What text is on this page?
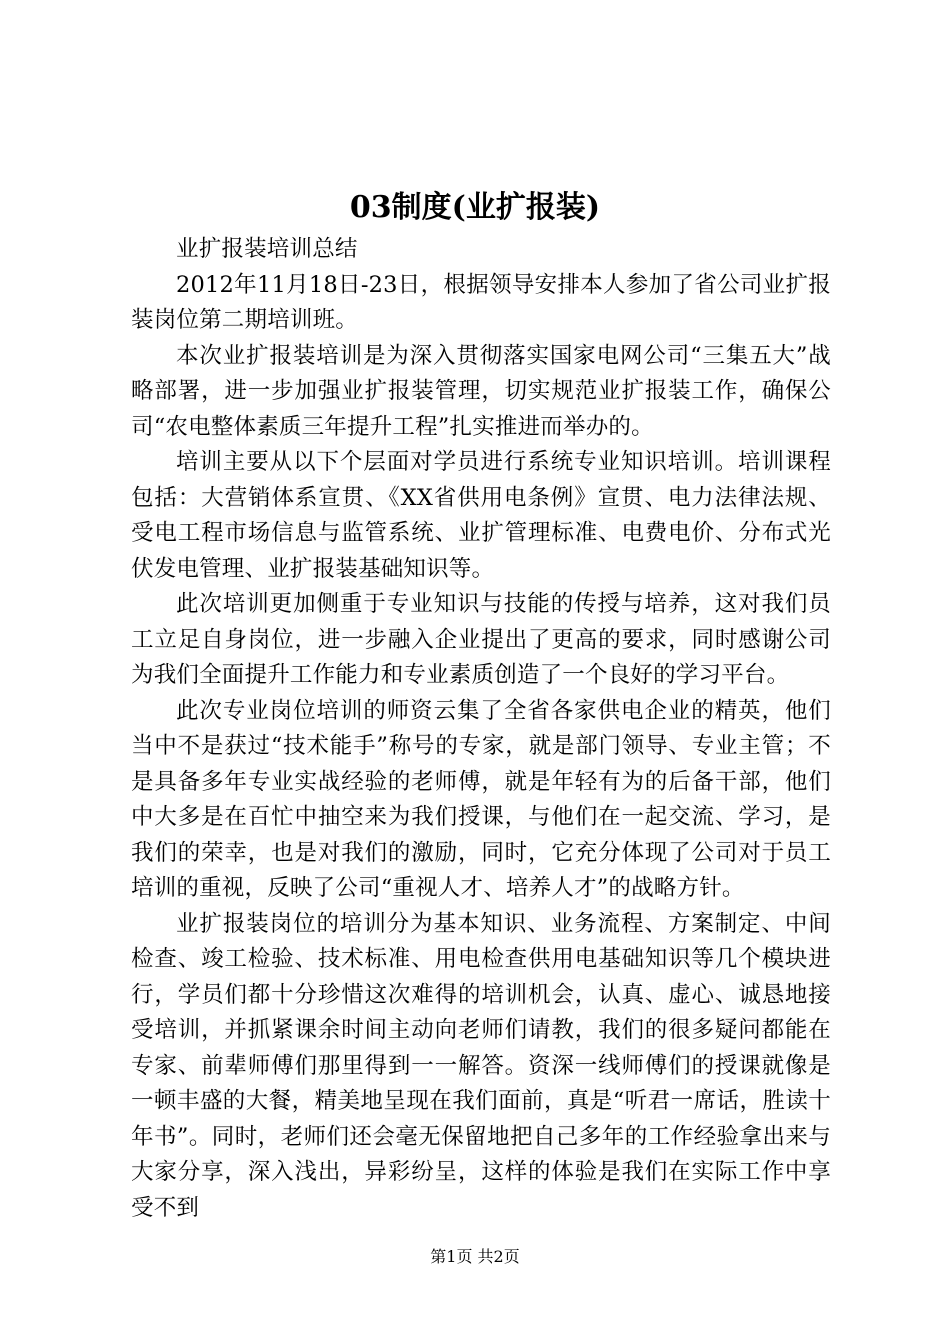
03制度(业扩报装)

业扩报装培训总结

2012年11月18日-23日，根据领导安排本人参加了省公司业扩报装岗位第二期培训班。

本次业扩报装培训是为深入贯彻落实国家电网公司“三集五大”战略部署，进一步加强业扩报装管理，切实规范业扩报装工作，确保公司“农电整体素质三年提升工程”扎实推进而举办的。

培训主要从以下个层面对学员进行系统专业知识培训。培训课程包括：大营销体系宣贯、《XX省供用电条例》宣贯、电力法律法规、受电工程市场信息与监管系统、业扩管理标准、电费电价、分布式光伏发电管理、业扩报装基础知识等。

此次培训更加侧重于专业知识与技能的传授与培养，这对我们员工立足自身岗位，进一步融入企业提出了更高的要求，同时感谢公司为我们全面提升工作能力和专业素质创造了一个良好的学习平台。

此次专业岗位培训的师资云集了全省各家供电企业的精英，他们当中不是获过“技术能手”称号的专家，就是部门领导、专业主管；不是具备多年专业实战经验的老师傅，就是年轻有为的后备干部，他们中大多是在百忙中抽空来为我们授课，与他们在一起交流、学习，是我们的荣幸，也是对我们的激励，同时，它充分体现了公司对于员工培训的重视，反映了公司“重视人才、培养人才”的战略方针。

业扩报装岗位的培训分为基本知识、业务流程、方案制定、中间检查、竣工检验、技术标准、用电检查供用电基础知识等几个模块进行，学员们都十分珍惜这次难得的培训机会，认真、虚心、诚恳地接受培训，并抓紧课余时间主动向老师们请教，我们的很多疑问都能在专家、前辈师傅们那里得到一一解答。资深一线师傅们的授课就像是一顿丰盛的大餐，精美地呈现在我们面前，真是“听君一席话，胜读十年书”。同时，老师们还会毫无保留地把自己多年的工作经验拿出来与大家分享，深入浅出，异彩纷呈，这样的体验是我们在实际工作中享受不到

第1页 共2页
